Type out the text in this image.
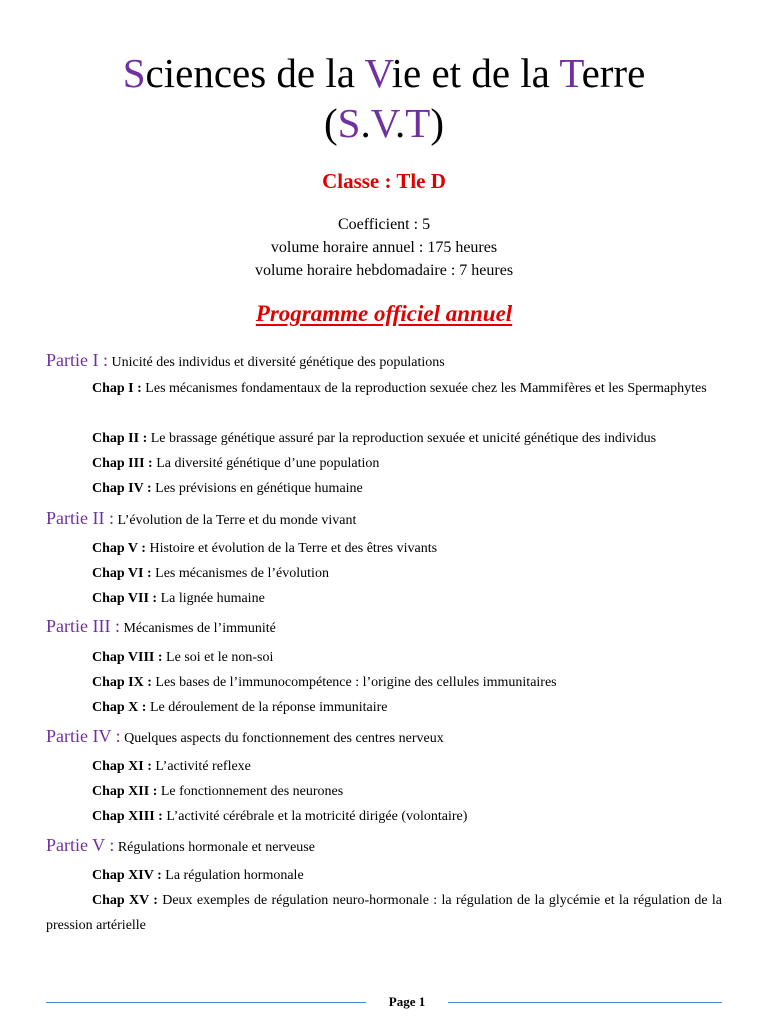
Sciences de la Vie et de la Terre
(S.V.T)
Classe : Tle D
Coefficient : 5
volume horaire annuel : 175 heures
volume horaire hebdomadaire : 7 heures
Programme officiel annuel
Partie I : Unicité des individus et diversité génétique des populations
Chap I : Les mécanismes fondamentaux de la reproduction sexuée chez les Mammifères et les Spermaphytes
Chap II : Le brassage génétique assuré par la reproduction sexuée et unicité génétique des individus
Chap III : La diversité génétique d’une population
Chap IV : Les prévisions en génétique humaine
Partie II : L’évolution de la Terre et du monde vivant
Chap V : Histoire et évolution de la Terre et des êtres vivants
Chap VI : Les mécanismes de l’évolution
Chap VII : La lignée humaine
Partie III : Mécanismes de l’immunité
Chap VIII : Le soi et le non-soi
Chap IX : Les bases de l’immunocompétence : l’origine des cellules immunitaires
Chap X : Le déroulement de la réponse immunitaire
Partie IV : Quelques aspects du fonctionnement des centres nerveux
Chap XI : L’activité reflexe
Chap XII : Le fonctionnement des neurones
Chap XIII : L’activité cérébrale et la motricité dirigée (volontaire)
Partie V : Régulations hormonale et nerveuse
Chap XIV : La régulation hormonale
Chap XV : Deux exemples de régulation neuro-hormonale : la régulation de la glycémie et la régulation de la pression artérielle
Page 1
